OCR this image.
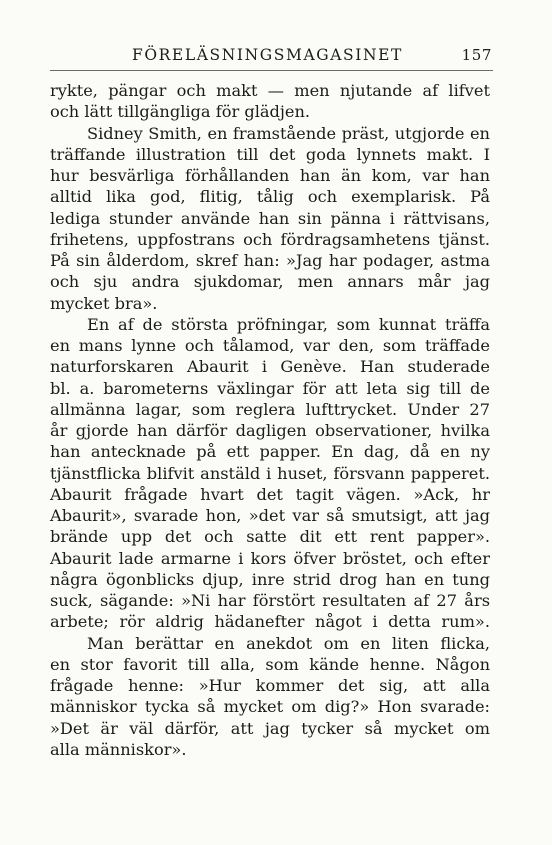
FÖRELÄSNINGSMAGASINET	157
rykte, pängar och makt — men njutande af lifvet
och lätt tillgängliga för glädjen.
Sidney Smith, en framstående präst, utgjorde en
träffande illustration till det goda lynnets makt. I
hur besvärliga förhållanden han än kom, var han
alltid lika god, flitig, tålig och exemplarisk. På
lediga stunder använde han sin pänna i rättvisans,
frihetens, uppfostrans och fördragsamhetens tjänst.
På sin ålderdom, skref han: »Jag har podager, astma
och sju andra sjukdomar, men annars mår jag
mycket bra».
En af de största pröfningar, som kunnat träffa
en mans lynne och tålamod, var den, som träffade
naturforskaren Abaurit i Genève. Han studerade
bl. a. barometerns växlingar för att leta sig till de
allmänna lagar, som reglera lufttrycket. Under 27
år gjorde han därför dagligen observationer, hvilka
han antecknade på ett papper. En dag, då en ny
tjänstflicka blifvit anstäld i huset, försvann papperet.
Abaurit frågade hvart det tagit vägen. »Ack, hr
Abaurit», svarade hon, »det var så smutsigt, att jag
brände upp det och satte dit ett rent papper».
Abaurit lade armarne i kors öfver bröstet, och efter
några ögonblicks djup, inre strid drog han en tung
suck, sägande: »Ni har förstört resultaten af 27 års
arbete; rör aldrig hädanefter något i detta rum».
Man berättar en anekdot om en liten flicka,
en stor favorit till alla, som kände henne. Någon
frågade henne: »Hur kommer det sig, att alla
människor tycka så mycket om dig?» Hon svarade:
»Det är väl därför, att jag tycker så mycket om
alla människor».
